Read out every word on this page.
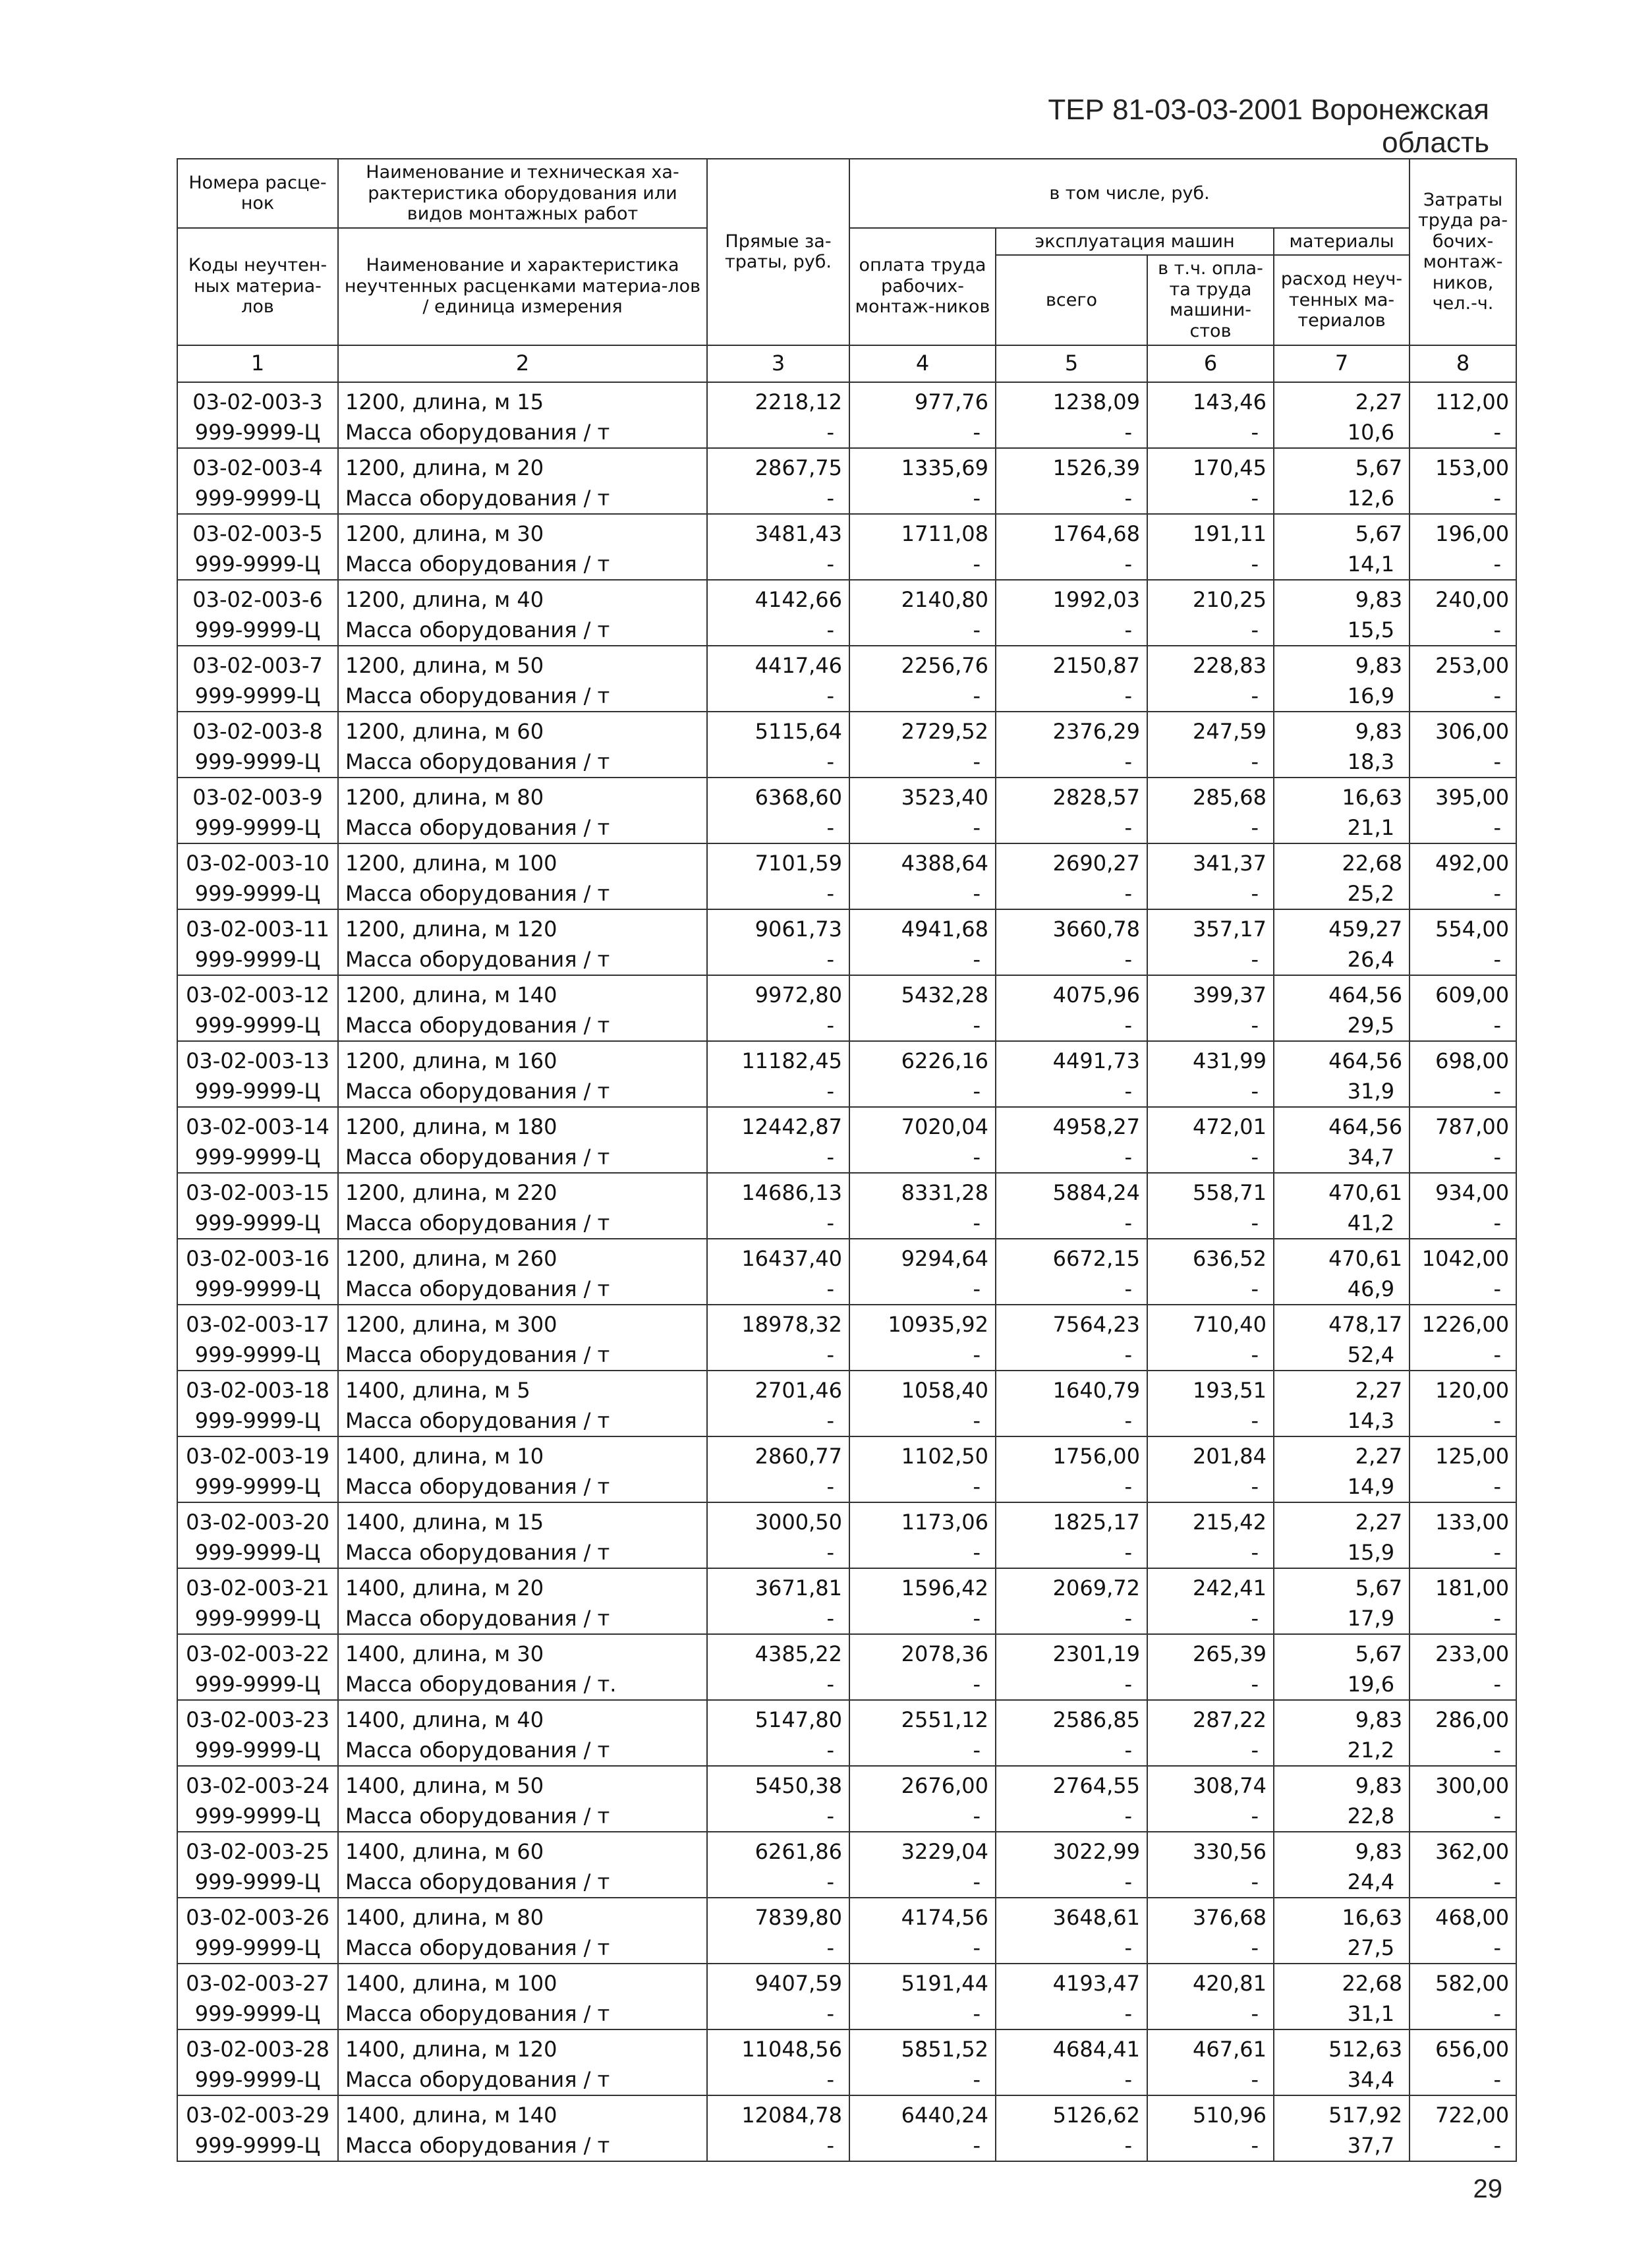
ТЕР 81-03-03-2001 Воронежская область
Номера расце-нок	Наименование и техническая ха-рактеристика оборудования или видов монтажных работ	Прямые за-траты, руб.	в том числе, руб.				Затраты труда ра-бочих-монтаж-ников, чел.-ч.
Коды неучтен-ных материа-лов	Наименование и характеристика неучтенных расценками материа-лов / единица измерения		оплата труда рабочих-монтаж-ников	эксплуатация машин		материалы	
				всего	в т.ч. опла-та труда машини-стов	расход неуч-тенных ма-териалов	
1	2	3	4	5	6	7	8
03-02-003-3	1200, длина, м 15	2218,12	977,76	1238,09	143,46	2,27	112,00
999-9999-Ц	Масса оборудования / т	-	-	-	-	10,6	-
03-02-003-4	1200, длина, м 20	2867,75	1335,69	1526,39	170,45	5,67	153,00
999-9999-Ц	Масса оборудования / т	-	-	-	-	12,6	-
03-02-003-5	1200, длина, м 30	3481,43	1711,08	1764,68	191,11	5,67	196,00
999-9999-Ц	Масса оборудования / т	-	-	-	-	14,1	-
03-02-003-6	1200, длина, м 40	4142,66	2140,80	1992,03	210,25	9,83	240,00
999-9999-Ц	Масса оборудования / т	-	-	-	-	15,5	-
03-02-003-7	1200, длина, м 50	4417,46	2256,76	2150,87	228,83	9,83	253,00
999-9999-Ц	Масса оборудования / т	-	-	-	-	16,9	-
03-02-003-8	1200, длина, м 60	5115,64	2729,52	2376,29	247,59	9,83	306,00
999-9999-Ц	Масса оборудования / т	-	-	-	-	18,3	-
03-02-003-9	1200, длина, м 80	6368,60	3523,40	2828,57	285,68	16,63	395,00
999-9999-Ц	Масса оборудования / т	-	-	-	-	21,1	-
03-02-003-10	1200, длина, м 100	7101,59	4388,64	2690,27	341,37	22,68	492,00
999-9999-Ц	Масса оборудования / т	-	-	-	-	25,2	-
03-02-003-11	1200, длина, м 120	9061,73	4941,68	3660,78	357,17	459,27	554,00
999-9999-Ц	Масса оборудования / т	-	-	-	-	26,4	-
03-02-003-12	1200, длина, м 140	9972,80	5432,28	4075,96	399,37	464,56	609,00
999-9999-Ц	Масса оборудования / т	-	-	-	-	29,5	-
03-02-003-13	1200, длина, м 160	11182,45	6226,16	4491,73	431,99	464,56	698,00
999-9999-Ц	Масса оборудования / т	-	-	-	-	31,9	-
03-02-003-14	1200, длина, м 180	12442,87	7020,04	4958,27	472,01	464,56	787,00
999-9999-Ц	Масса оборудования / т	-	-	-	-	34,7	-
03-02-003-15	1200, длина, м 220	14686,13	8331,28	5884,24	558,71	470,61	934,00
999-9999-Ц	Масса оборудования / т	-	-	-	-	41,2	-
03-02-003-16	1200, длина, м 260	16437,40	9294,64	6672,15	636,52	470,61	1042,00
999-9999-Ц	Масса оборудования / т	-	-	-	-	46,9	-
03-02-003-17	1200, длина, м 300	18978,32	10935,92	7564,23	710,40	478,17	1226,00
999-9999-Ц	Масса оборудования / т	-	-	-	-	52,4	-
03-02-003-18	1400, длина, м 5	2701,46	1058,40	1640,79	193,51	2,27	120,00
999-9999-Ц	Масса оборудования / т	-	-	-	-	14,3	-
03-02-003-19	1400, длина, м 10	2860,77	1102,50	1756,00	201,84	2,27	125,00
999-9999-Ц	Масса оборудования / т	-	-	-	-	14,9	-
03-02-003-20	1400, длина, м 15	3000,50	1173,06	1825,17	215,42	2,27	133,00
999-9999-Ц	Масса оборудования / т	-	-	-	-	15,9	-
03-02-003-21	1400, длина, м 20	3671,81	1596,42	2069,72	242,41	5,67	181,00
999-9999-Ц	Масса оборудования / т	-	-	-	-	17,9	-
03-02-003-22	1400, длина, м 30	4385,22	2078,36	2301,19	265,39	5,67	233,00
999-9999-Ц	Масса оборудования / т.	-	-	-	-	19,6	-
03-02-003-23	1400, длина, м 40	5147,80	2551,12	2586,85	287,22	9,83	286,00
999-9999-Ц	Масса оборудования / т	-	-	-	-	21,2	-
03-02-003-24	1400, длина, м 50	5450,38	2676,00	2764,55	308,74	9,83	300,00
999-9999-Ц	Масса оборудования / т	-	-	-	-	22,8	-
03-02-003-25	1400, длина, м 60	6261,86	3229,04	3022,99	330,56	9,83	362,00
999-9999-Ц	Масса оборудования / т	-	-	-	-	24,4	-
03-02-003-26	1400, длина, м 80	7839,80	4174,56	3648,61	376,68	16,63	468,00
999-9999-Ц	Масса оборудования / т	-	-	-	-	27,5	-
03-02-003-27	1400, длина, м 100	9407,59	5191,44	4193,47	420,81	22,68	582,00
999-9999-Ц	Масса оборудования / т	-	-	-	-	31,1	-
03-02-003-28	1400, длина, м 120	11048,56	5851,52	4684,41	467,61	512,63	656,00
999-9999-Ц	Масса оборудования / т	-	-	-	-	34,4	-
03-02-003-29	1400, длина, м 140	12084,78	6440,24	5126,62	510,96	517,92	722,00
999-9999-Ц	Масса оборудования / т	-	-	-	-	37,7	-
29
